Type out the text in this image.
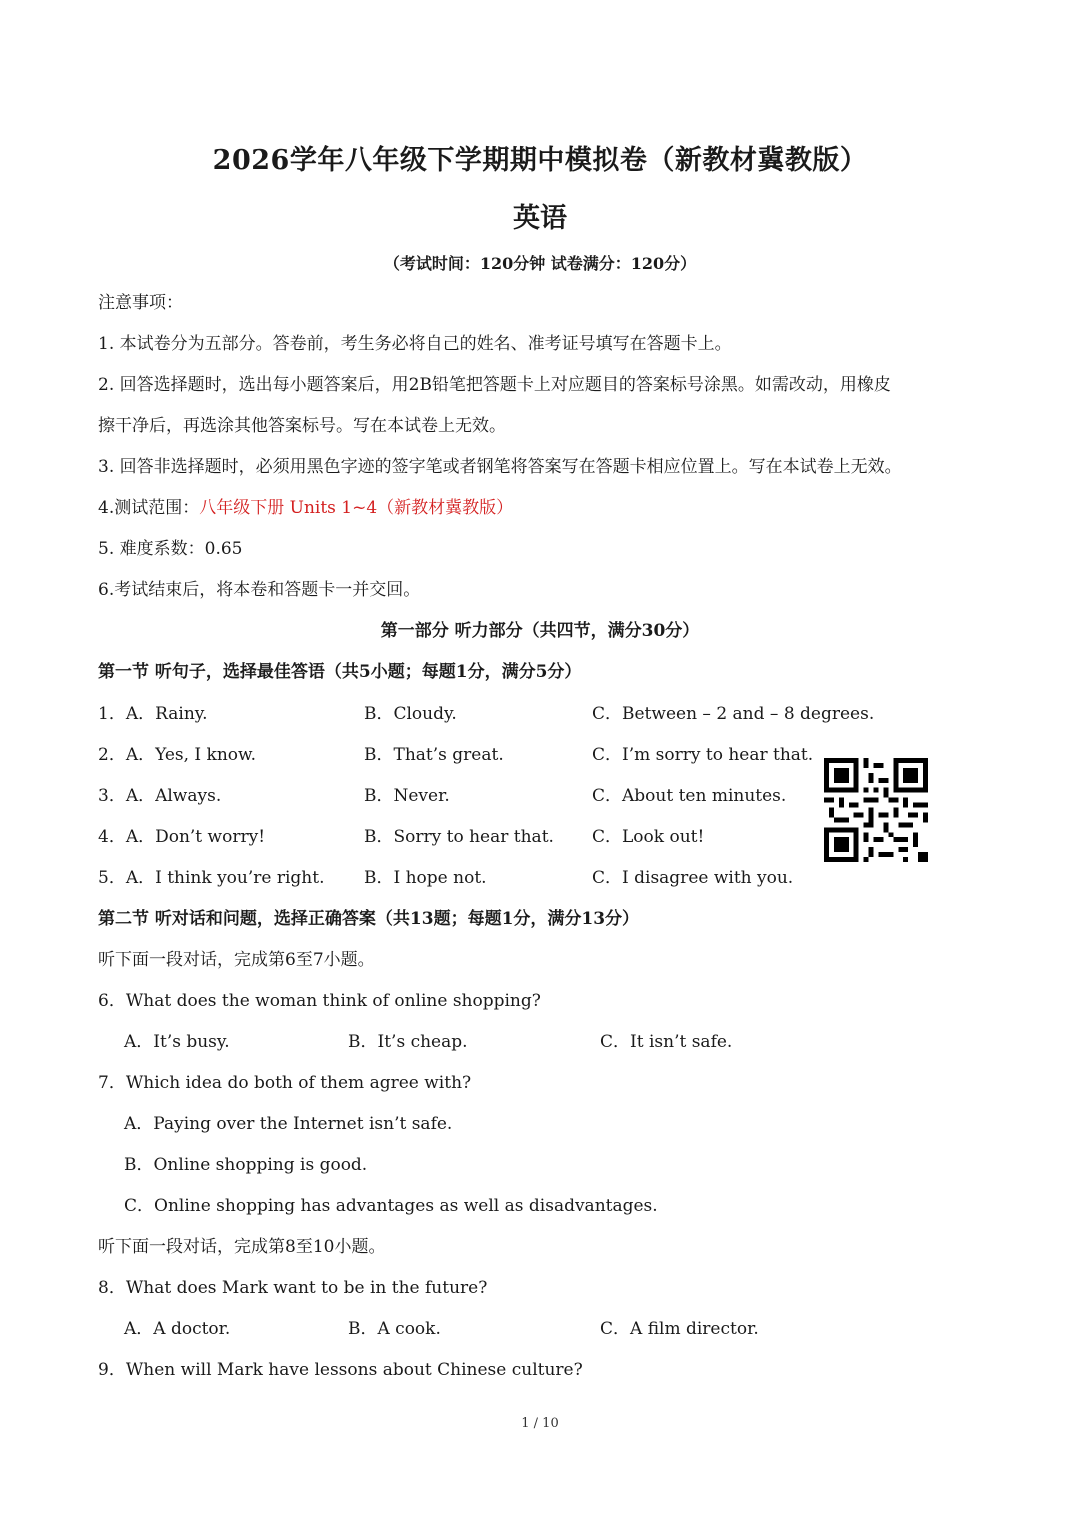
2026学年八年级下学期期中模拟卷（新教材冀教版）
英语
（考试时间：120分钟 试卷满分：120分）
注意事项：
1. 本试卷分为五部分。答卷前，考生务必将自己的姓名、准考证号填写在答题卡上。
2. 回答选择题时，选出每小题答案后，用2B铅笔把答题卡上对应题目的答案标号涂黑。如需改动，用橡皮
擦干净后，再选涂其他答案标号。写在本试卷上无效。
3. 回答非选择题时，必须用黑色字迹的签字笔或者钢笔将答案写在答题卡相应位置上。写在本试卷上无效。
4.测试范围：八年级下册 Units 1~4（新教材冀教版）
5. 难度系数：0.65
6.考试结束后，将本卷和答题卡一并交回。
第一部分 听力部分（共四节，满分30分）
第一节 听句子，选择最佳答语（共5小题；每题1分，满分5分）
1．A．Rainy.	B．Cloudy.	C．Between – 2 and – 8 degrees.
2．A．Yes, I know.	B．That’s great.	C．I’m sorry to hear that.
3．A．Always.	B．Never.	C．About ten minutes.
4．A．Don’t worry!	B．Sorry to hear that. C．Look out!
5．A．I think you’re right. B．I hope not.	C．I disagree with you.
第二节 听对话和问题，选择正确答案（共13题；每题1分，满分13分）
听下面一段对话，完成第6至7小题。
6．What does the woman think of online shopping?
A．It’s busy.	B．It’s cheap.	C．It isn’t safe.
7．Which idea do both of them agree with?
A．Paying over the Internet isn’t safe.
B．Online shopping is good.
C．Online shopping has advantages as well as disadvantages.
听下面一段对话，完成第8至10小题。
8．What does Mark want to be in the future?
A．A doctor.	B．A cook.	C．A film director.
9．When will Mark have lessons about Chinese culture?
1 / 10
